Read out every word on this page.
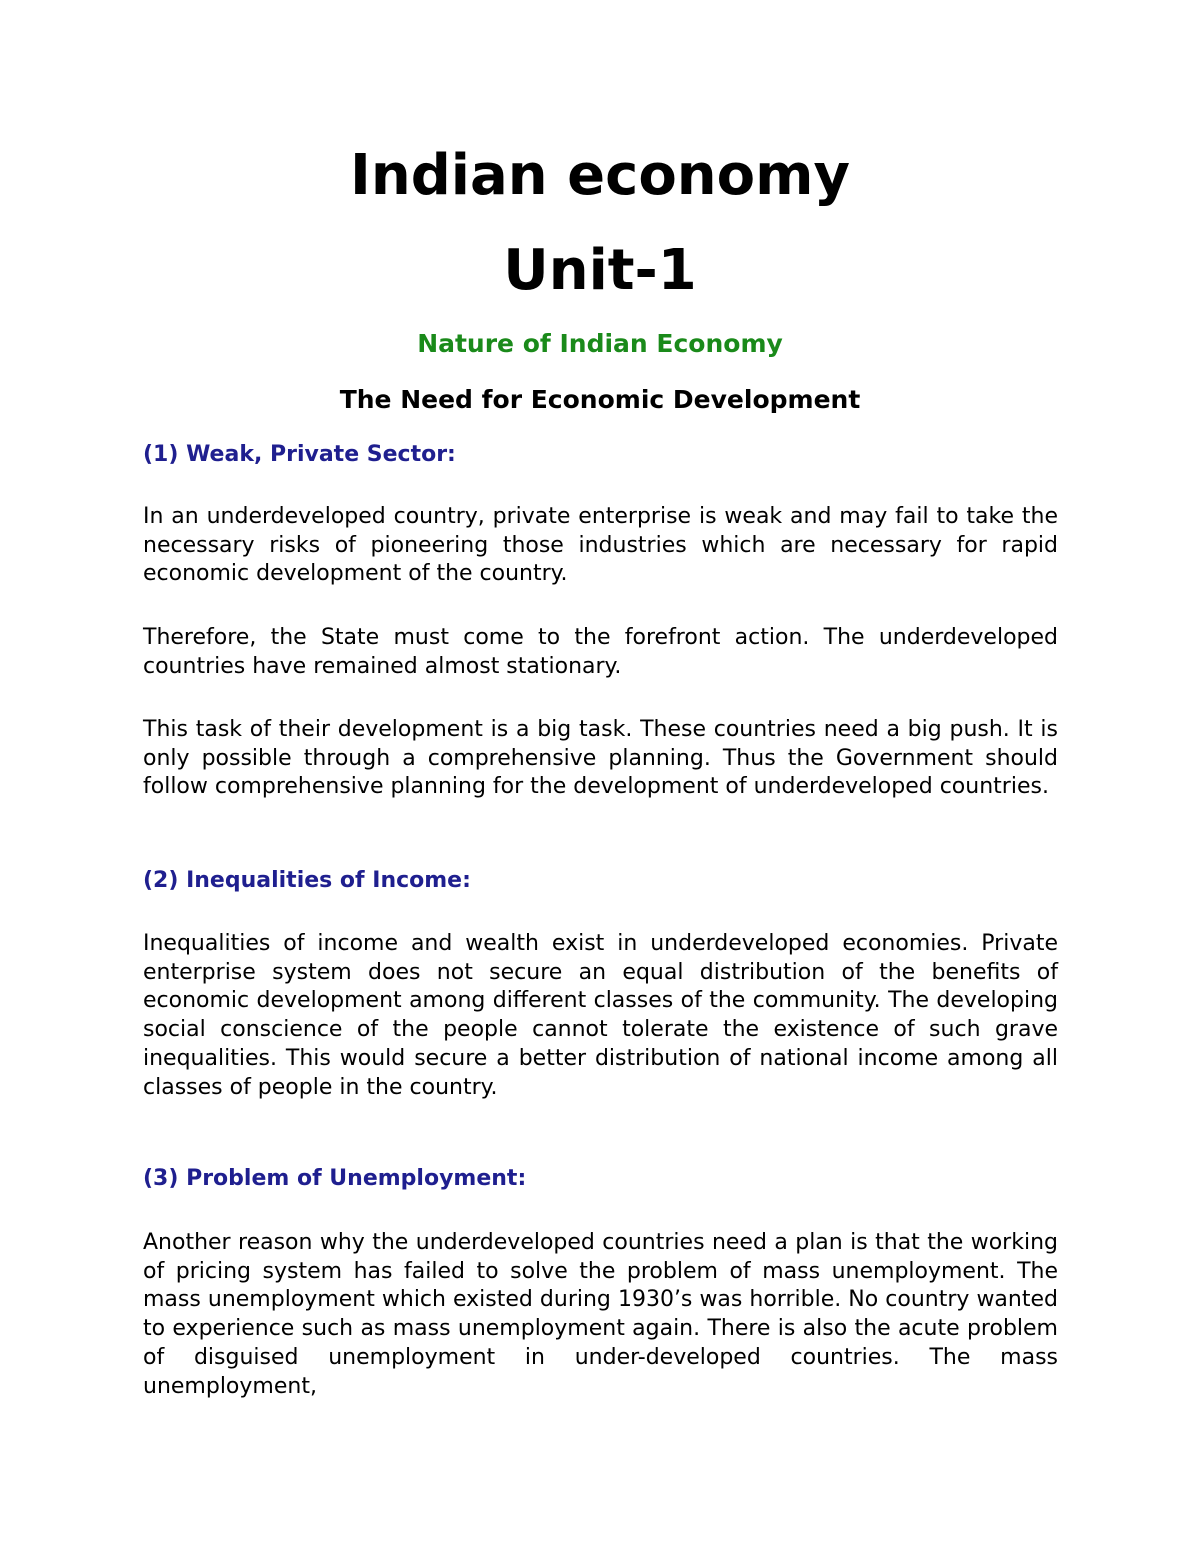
Indian economy
Unit-1
Nature of Indian Economy
The Need for Economic Development
(1) Weak, Private Sector:

In an underdeveloped country, private enterprise is weak and may fail to take the necessary risks of pioneering those industries which are necessary for rapid economic development of the country.

Therefore, the State must come to the forefront action. The underdeveloped countries have remained almost stationary.

This task of their development is a big task. These countries need a big push. It is only possible through a comprehensive planning. Thus the Government should follow comprehensive planning for the development of underdeveloped countries.

(2) Inequalities of Income:

Inequalities of income and wealth exist in underdeveloped economies. Private enterprise system does not secure an equal distribution of the benefits of economic development among different classes of the community. The developing social conscience of the people cannot tolerate the existence of such grave inequalities. This would secure a better distribution of national income among all classes of people in the country.

(3) Problem of Unemployment:

Another reason why the underdeveloped countries need a plan is that the working of pricing system has failed to solve the problem of mass unemployment. The mass unemployment which existed during 1930’s was horrible. No country wanted to experience such as mass unemployment again. There is also the acute problem of disguised unemployment in under-developed countries. The mass unemployment,
